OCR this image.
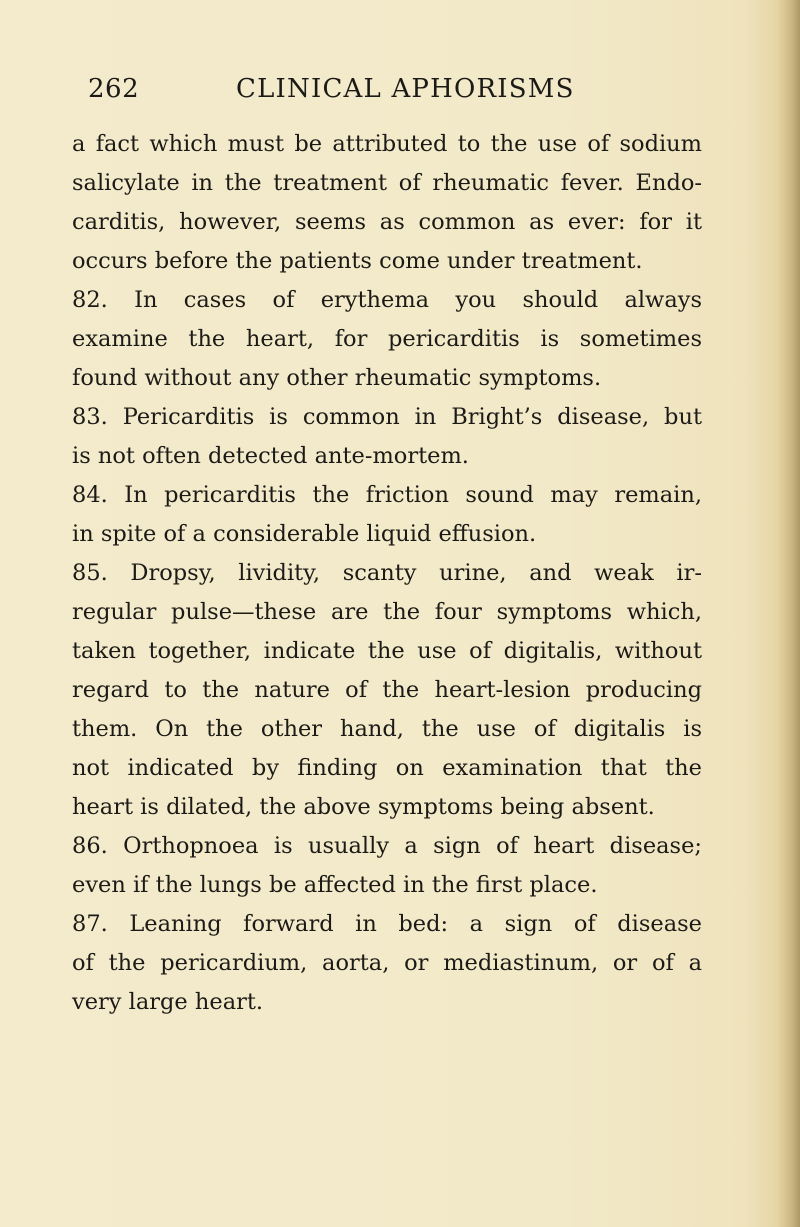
262	CLINICAL APHORISMS
a fact which must be attributed to the use of sodium
salicylate in the treatment of rheumatic fever. Endo-
carditis, however, seems as common as ever: for it
occurs before the patients come under treatment.
82. In cases of erythema you should always
examine the heart, for pericarditis is sometimes
found without any other rheumatic symptoms.
83. Pericarditis is common in Bright’s disease, but
is not often detected ante-mortem.
84. In pericarditis the friction sound may remain,
in spite of a considerable liquid effusion.
85. Dropsy, lividity, scanty urine, and weak ir-
regular pulse—these are the four symptoms which,
taken together, indicate the use of digitalis, without
regard to the nature of the heart-lesion producing
them. On the other hand, the use of digitalis is
not indicated by finding on examination that the
heart is dilated, the above symptoms being absent.
86. Orthopnoea is usually a sign of heart disease;
even if the lungs be affected in the first place.
87. Leaning forward in bed: a sign of disease
of the pericardium, aorta, or mediastinum, or of a
very large heart.
